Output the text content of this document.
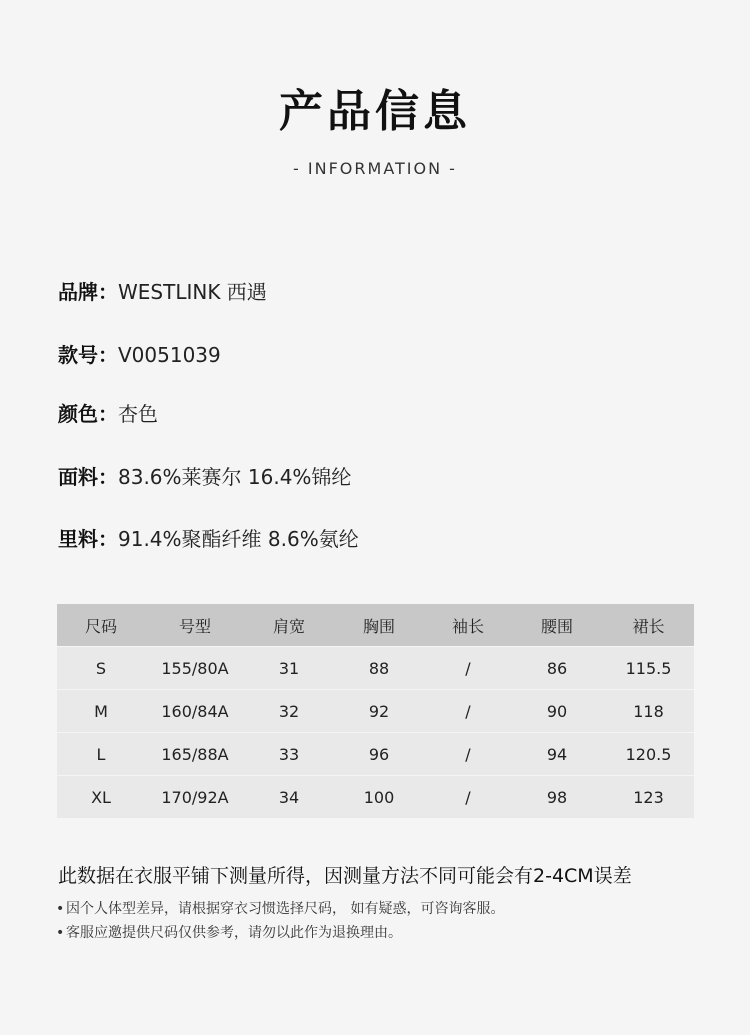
产品信息
- INFORMATION -
品牌：WESTLINK 西遇
款号：V0051039
颜色：杏色
面料：83.6%莱赛尔 16.4%锦纶
里料：91.4%聚酯纤维 8.6%氨纶
尺码	号型	肩宽	胸围	袖长	腰围	裙长
S	155/80A	31	88	/	86	115.5
M	160/84A	32	92	/	90	118
L	165/88A	33	96	/	94	120.5
XL	170/92A	34	100	/	98	123
此数据在衣服平铺下测量所得，因测量方法不同可能会有2-4CM误差
• 因个人体型差异，请根据穿衣习惯选择尺码， 如有疑惑，可咨询客服。
• 客服应邀提供尺码仅供参考，请勿以此作为退换理由。
